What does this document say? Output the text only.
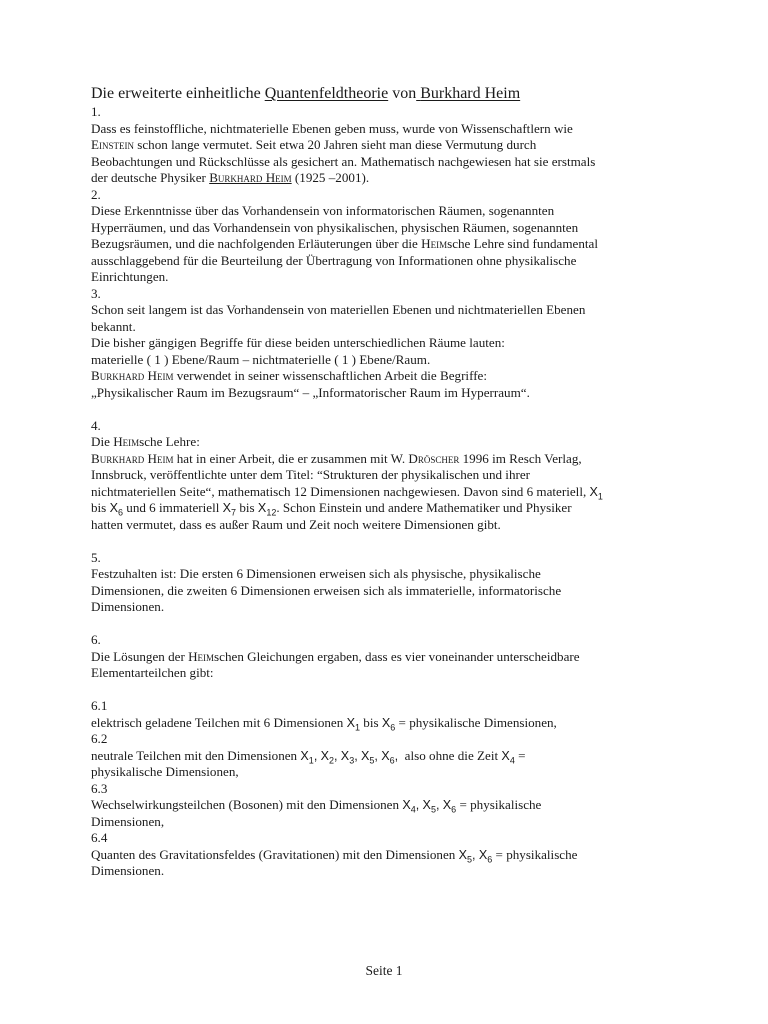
Die erweiterte einheitliche Quantenfeldtheorie von Burkhard Heim

1.

Dass es feinstoffliche, nichtmaterielle Ebenen geben muss, wurde von Wissenschaftlern wie

Einstein schon lange vermutet. Seit etwa 20 Jahren sieht man diese Vermutung durch

Beobachtungen und Rückschlüsse als gesichert an. Mathematisch nachgewiesen hat sie erstmals

der deutsche Physiker Burkhard Heim (1925 –2001).

2.

Diese Erkenntnisse über das Vorhandensein von informatorischen Räumen, sogenannten

Hyperräumen, und das Vorhandensein von physikalischen, physischen Räumen, sogenannten

Bezugsräumen, und die nachfolgenden Erläuterungen über die Heimsche Lehre sind fundamental

ausschlaggebend für die Beurteilung der Übertragung von Informationen ohne physikalische

Einrichtungen.

3.

Schon seit langem ist das Vorhandensein von materiellen Ebenen und nichtmateriellen Ebenen

bekannt.

Die bisher gängigen Begriffe für diese beiden unterschiedlichen Räume lauten:

materielle ( 1 ) Ebene/Raum – nichtmaterielle ( 1 ) Ebene/Raum.

Burkhard Heim verwendet in seiner wissenschaftlichen Arbeit die Begriffe:

„Physikalischer Raum im Bezugsraum“ – „Informatorischer Raum im Hyperraum“.

4.

Die Heimsche Lehre:

Burkhard Heim hat in einer Arbeit, die er zusammen mit W. Dröscher 1996 im Resch Verlag,

Innsbruck, veröffentlichte unter dem Titel: “Strukturen der physikalischen und ihrer

nichtmateriellen Seite“, mathematisch 12 Dimensionen nachgewiesen. Davon sind 6 materiell, $X_1$

bis $X_6$ und 6 immateriell $X_7$ bis $X_{12}$. Schon Einstein und andere Mathematiker und Physiker

hatten vermutet, dass es außer Raum und Zeit noch weitere Dimensionen gibt.

5.

Festzuhalten ist: Die ersten 6 Dimensionen erweisen sich als physische, physikalische

Dimensionen, die zweiten 6 Dimensionen erweisen sich als immaterielle, informatorische

Dimensionen.

6.

Die Lösungen der Heimschen Gleichungen ergaben, dass es vier voneinander unterscheidbare

Elementarteilchen gibt:

6.1

elektrisch geladene Teilchen mit 6 Dimensionen $X_1$ bis $X_6$ = physikalische Dimensionen,

6.2

neutrale Teilchen mit den Dimensionen $X_1$, $X_2$, $X_3$, $X_5$, $X_6$, also ohne die Zeit $X_4$ =

physikalische Dimensionen,

6.3

Wechselwirkungsteilchen (Bosonen) mit den Dimensionen $X_4$, $X_5$, $X_6$ = physikalische

Dimensionen,

6.4

Quanten des Gravitationsfeldes (Gravitationen) mit den Dimensionen $X_5$, $X_6$ = physikalische

Dimensionen.

Seite 1
